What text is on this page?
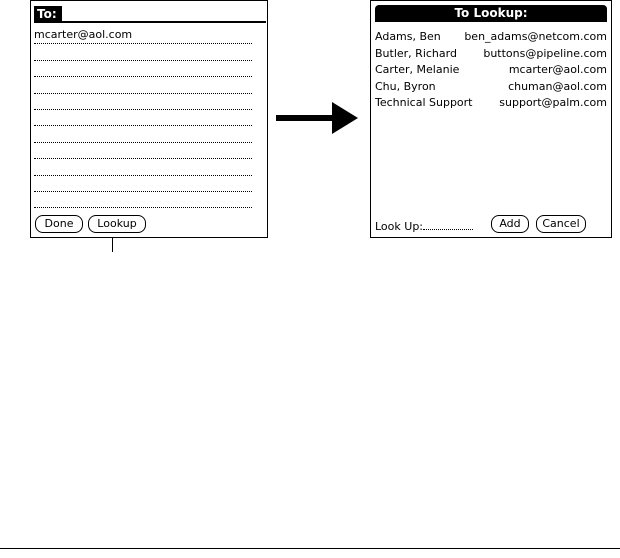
To:
mcarter@aol.com
Done	Lookup
To Lookup:
Adams, Ben ben_adams@netcom.com
Butler, Richard buttons@pipeline.com
Carter, Melanie	mcarter@aol.com
Chu, Byron	chuman@aol.com
Technical Support support@palm.com
Look Up:	Add	Cancel
